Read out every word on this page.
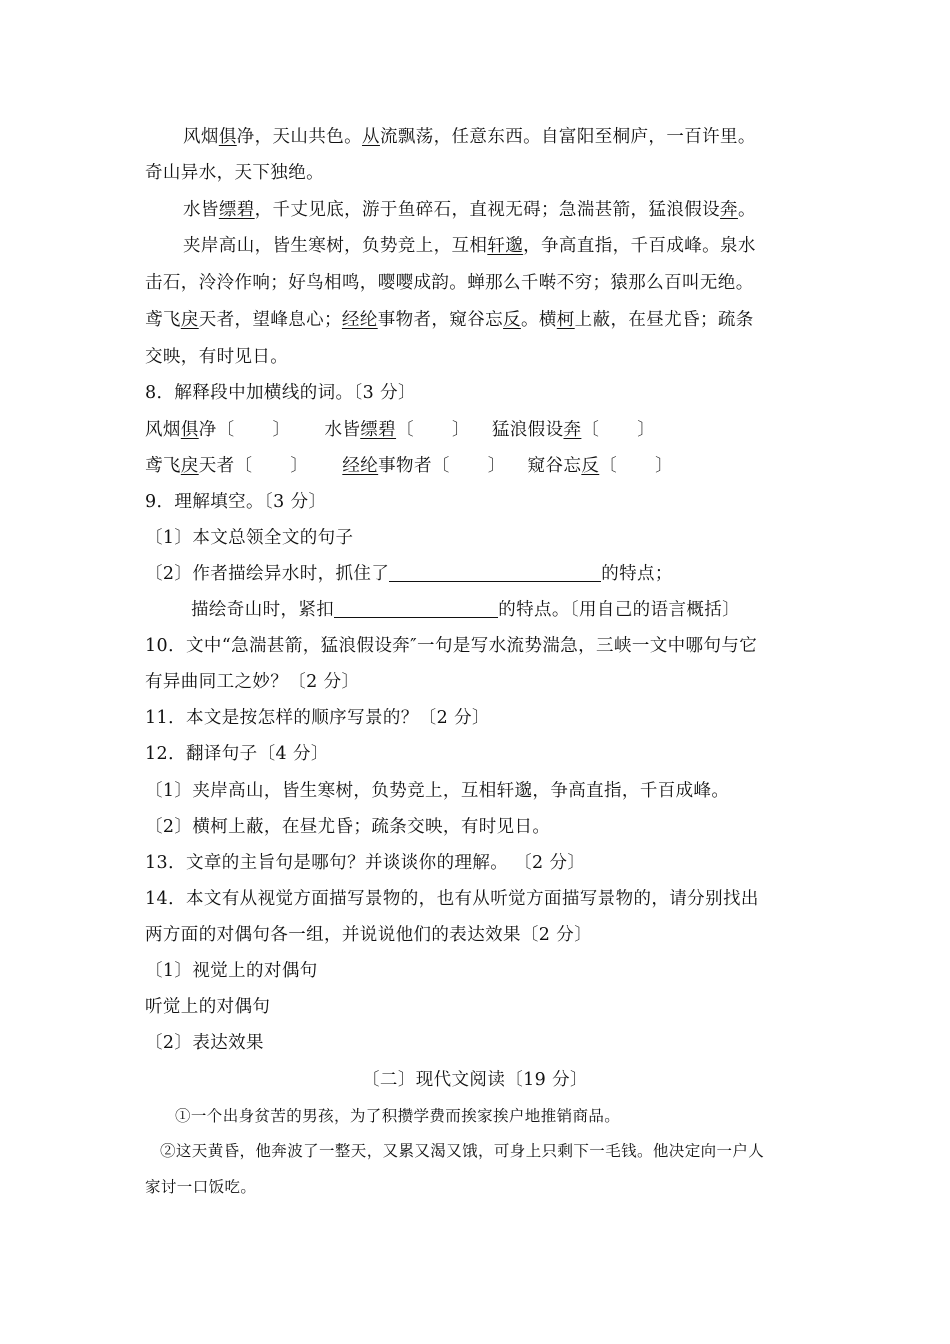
风烟俱净，天山共色。从流飘荡，任意东西。自富阳至桐庐，一百许里。
奇山异水，天下独绝。
水皆缥碧，千丈见底，游于鱼碎石，直视无碍；急湍甚箭，猛浪假设奔。
夹岸高山，皆生寒树，负势竞上，互相轩邈，争高直指，千百成峰。泉水
击石，泠泠作响；好鸟相鸣，嘤嘤成韵。蝉那么千啭不穷；猿那么百叫无绝。
鸢飞戾天者，望峰息心；经纶事物者，窥谷忘反。横柯上蔽，在昼尤昏；疏条
交映，有时见日。
8．解释段中加横线的词。〔3 分〕
风烟俱净〔 〕 水皆缥碧〔 〕 猛浪假设奔〔 〕
鸢飞戾天者〔 〕 经纶事物者〔 〕 窥谷忘反〔 〕
9．理解填空。〔3 分〕
〔1〕本文总领全文的句子
〔2〕作者描绘异水时，抓住了	的特点；
描绘奇山时，紧扣	的特点。〔用自己的语言概括〕
10．文中“急湍甚箭，猛浪假设奔″一句是写水流势湍急，三峡一文中哪句与它
有异曲同工之妙？〔2 分〕
11．本文是按怎样的顺序写景的？〔2 分〕
12．翻译句子〔4 分〕
〔1〕夹岸高山，皆生寒树，负势竞上，互相轩邈，争高直指，千百成峰。
〔2〕横柯上蔽，在昼尤昏；疏条交映，有时见日。
13．文章的主旨句是哪句？并谈谈你的理解。 〔2 分〕
14．本文有从视觉方面描写景物的，也有从听觉方面描写景物的，请分别找出
两方面的对偶句各一组，并说说他们的表达效果〔2 分〕
〔1〕视觉上的对偶句
听觉上的对偶句
〔2〕表达效果
〔二〕现代文阅读〔19 分〕
①一个出身贫苦的男孩，为了积攒学费而挨家挨户地推销商品。
②这天黄昏，他奔波了一整天，又累又渴又饿，可身上只剩下一毛钱。他决定向一户人
家讨一口饭吃。
